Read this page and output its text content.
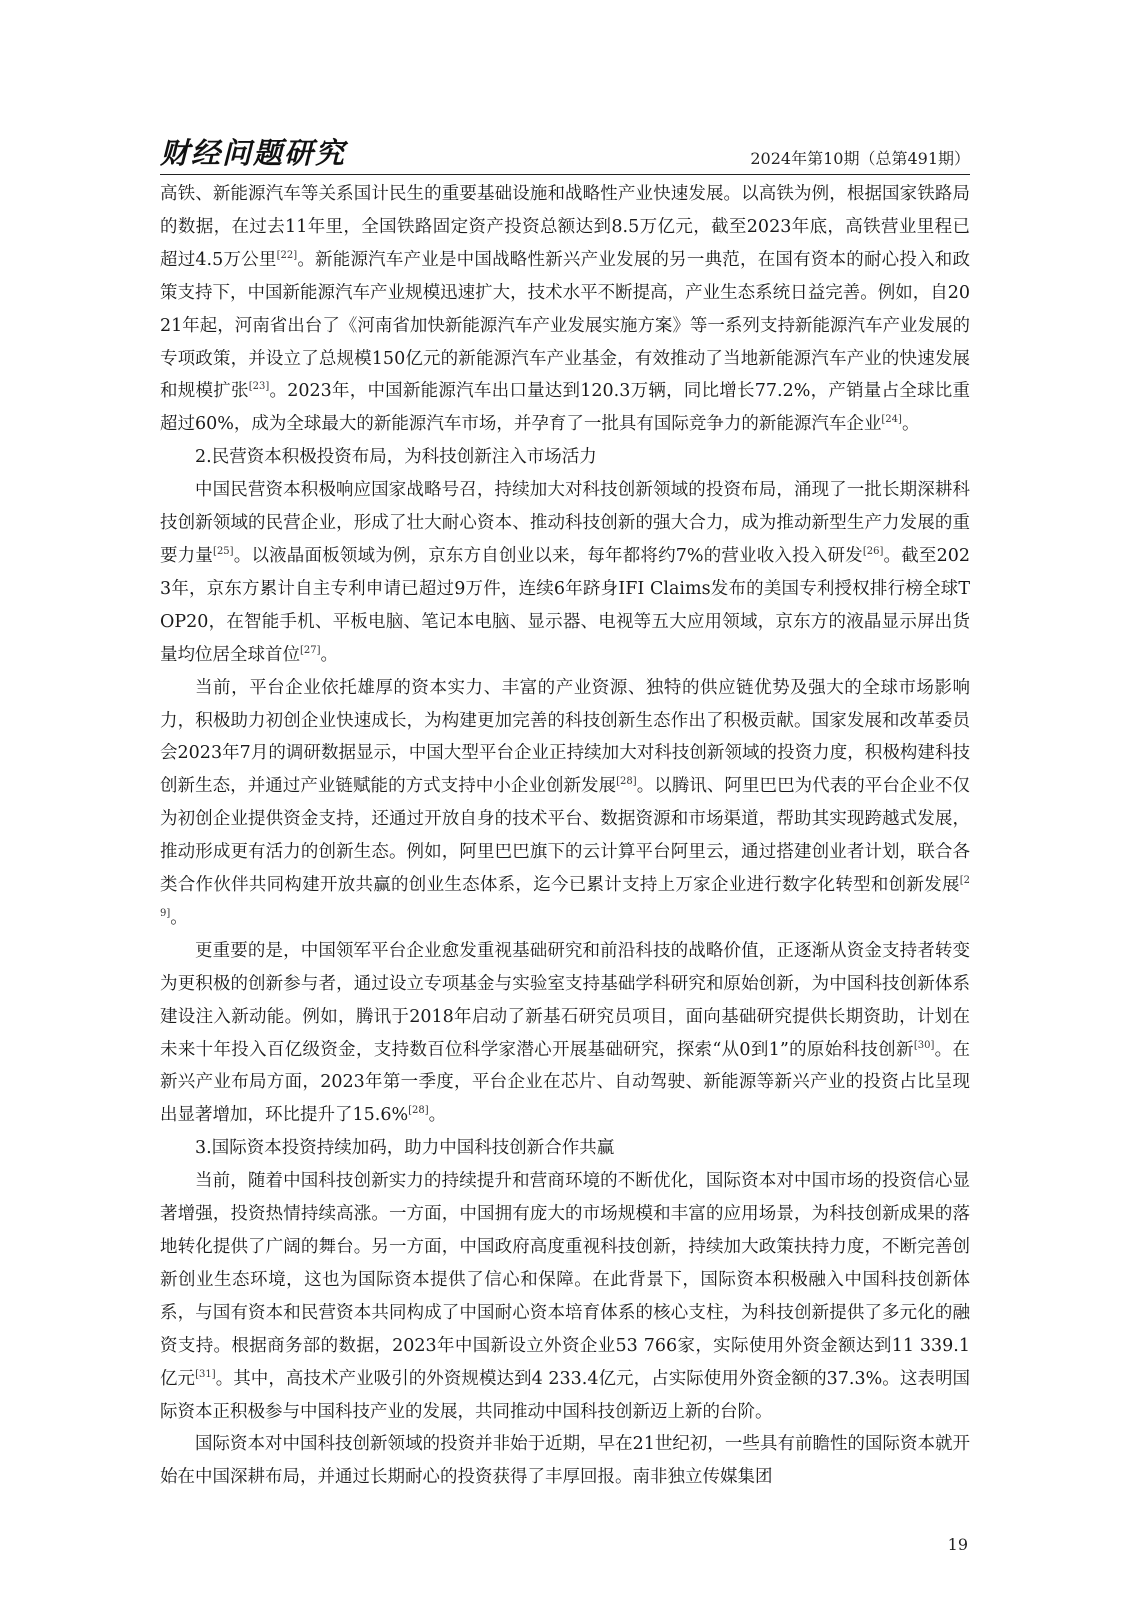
财经问题研究	2024年第10期（总第491期）

高铁、新能源汽车等关系国计民生的重要基础设施和战略性产业快速发展。以高铁为例，根据国家铁路局的数据，在过去11年里，全国铁路固定资产投资总额达到8.5万亿元，截至2023年底，高铁营业里程已超过4.5万公里[22]。新能源汽车产业是中国战略性新兴产业发展的另一典范，在国有资本的耐心投入和政策支持下，中国新能源汽车产业规模迅速扩大，技术水平不断提高，产业生态系统日益完善。例如，自2021年起，河南省出台了《河南省加快新能源汽车产业发展实施方案》等一系列支持新能源汽车产业发展的专项政策，并设立了总规模150亿元的新能源汽车产业基金，有效推动了当地新能源汽车产业的快速发展和规模扩张[23]。2023年，中国新能源汽车出口量达到120.3万辆，同比增长77.2%，产销量占全球比重超过60%，成为全球最大的新能源汽车市场，并孕育了一批具有国际竞争力的新能源汽车企业[24]。

2.民营资本积极投资布局，为科技创新注入市场活力

中国民营资本积极响应国家战略号召，持续加大对科技创新领域的投资布局，涌现了一批长期深耕科技创新领域的民营企业，形成了壮大耐心资本、推动科技创新的强大合力，成为推动新型生产力发展的重要力量[25]。以液晶面板领域为例，京东方自创业以来，每年都将约7%的营业收入投入研发[26]。截至2023年，京东方累计自主专利申请已超过9万件，连续6年跻身IFI Claims发布的美国专利授权排行榜全球TOP20，在智能手机、平板电脑、笔记本电脑、显示器、电视等五大应用领域，京东方的液晶显示屏出货量均位居全球首位[27]。

当前，平台企业依托雄厚的资本实力、丰富的产业资源、独特的供应链优势及强大的全球市场影响力，积极助力初创企业快速成长，为构建更加完善的科技创新生态作出了积极贡献。国家发展和改革委员会2023年7月的调研数据显示，中国大型平台企业正持续加大对科技创新领域的投资力度，积极构建科技创新生态，并通过产业链赋能的方式支持中小企业创新发展[28]。以腾讯、阿里巴巴为代表的平台企业不仅为初创企业提供资金支持，还通过开放自身的技术平台、数据资源和市场渠道，帮助其实现跨越式发展，推动形成更有活力的创新生态。例如，阿里巴巴旗下的云计算平台阿里云，通过搭建创业者计划，联合各类合作伙伴共同构建开放共赢的创业生态体系，迄今已累计支持上万家企业进行数字化转型和创新发展[29]。

更重要的是，中国领军平台企业愈发重视基础研究和前沿科技的战略价值，正逐渐从资金支持者转变为更积极的创新参与者，通过设立专项基金与实验室支持基础学科研究和原始创新，为中国科技创新体系建设注入新动能。例如，腾讯于2018年启动了新基石研究员项目，面向基础研究提供长期资助，计划在未来十年投入百亿级资金，支持数百位科学家潜心开展基础研究，探索“从0到1”的原始科技创新[30]。在新兴产业布局方面，2023年第一季度，平台企业在芯片、自动驾驶、新能源等新兴产业的投资占比呈现出显著增加，环比提升了15.6%[28]。

3.国际资本投资持续加码，助力中国科技创新合作共赢

当前，随着中国科技创新实力的持续提升和营商环境的不断优化，国际资本对中国市场的投资信心显著增强，投资热情持续高涨。一方面，中国拥有庞大的市场规模和丰富的应用场景，为科技创新成果的落地转化提供了广阔的舞台。另一方面，中国政府高度重视科技创新，持续加大政策扶持力度，不断完善创新创业生态环境，这也为国际资本提供了信心和保障。在此背景下，国际资本积极融入中国科技创新体系，与国有资本和民营资本共同构成了中国耐心资本培育体系的核心支柱，为科技创新提供了多元化的融资支持。根据商务部的数据，2023年中国新设立外资企业53 766家，实际使用外资金额达到11 339.1亿元[31]。其中，高技术产业吸引的外资规模达到4 233.4亿元，占实际使用外资金额的37.3%。这表明国际资本正积极参与中国科技产业的发展，共同推动中国科技创新迈上新的台阶。

国际资本对中国科技创新领域的投资并非始于近期，早在21世纪初，一些具有前瞻性的国际资本就开始在中国深耕布局，并通过长期耐心的投资获得了丰厚回报。南非独立传媒集团

19
